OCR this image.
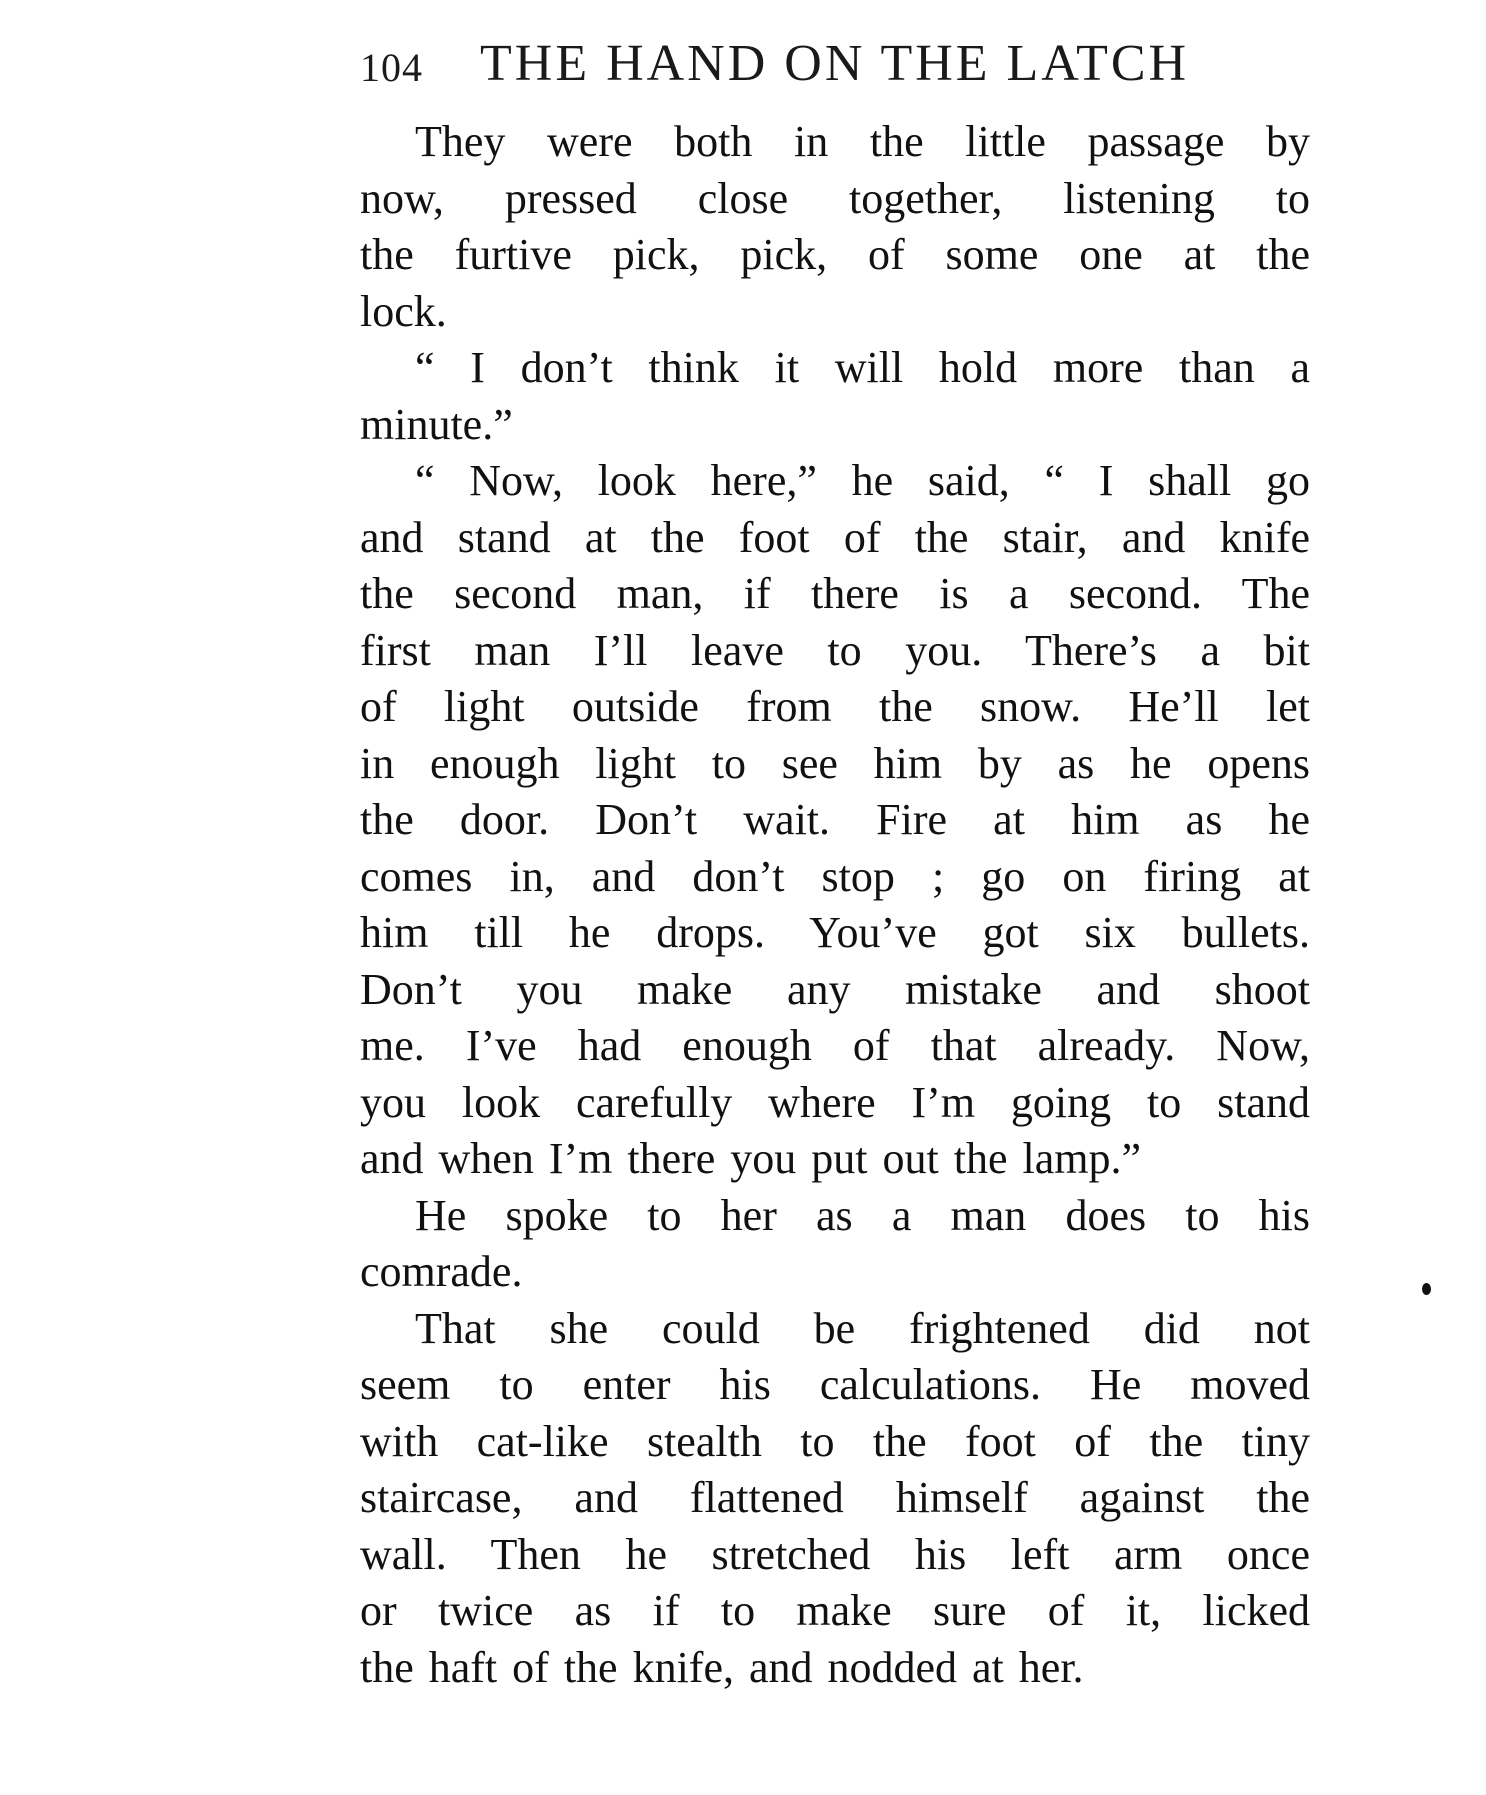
104 THE HAND ON THE LATCH
They were both in the little passage by
now, pressed close together, listening to
the furtive pick, pick, of some one at the
lock.
“ I don’t think it will hold more than a
minute.”
“ Now, look here,” he said, “ I shall go
and stand at the foot of the stair, and knife
the second man, if there is a second. The
first man I’ll leave to you. There’s a bit
of light outside from the snow. He’ll let
in enough light to see him by as he opens
the door. Don’t wait. Fire at him as he
comes in, and don’t stop ; go on firing at
him till he drops. You’ve got six bullets.
Don’t you make any mistake and shoot
me. I’ve had enough of that already. Now,
you look carefully where I’m going to stand
and when I’m there you put out the lamp.”
He spoke to her as a man does to his
comrade.
That she could be frightened did not
seem to enter his calculations. He moved
with cat-like stealth to the foot of the tiny
staircase, and flattened himself against the
wall. Then he stretched his left arm once
or twice as if to make sure of it, licked
the haft of the knife, and nodded at her.
